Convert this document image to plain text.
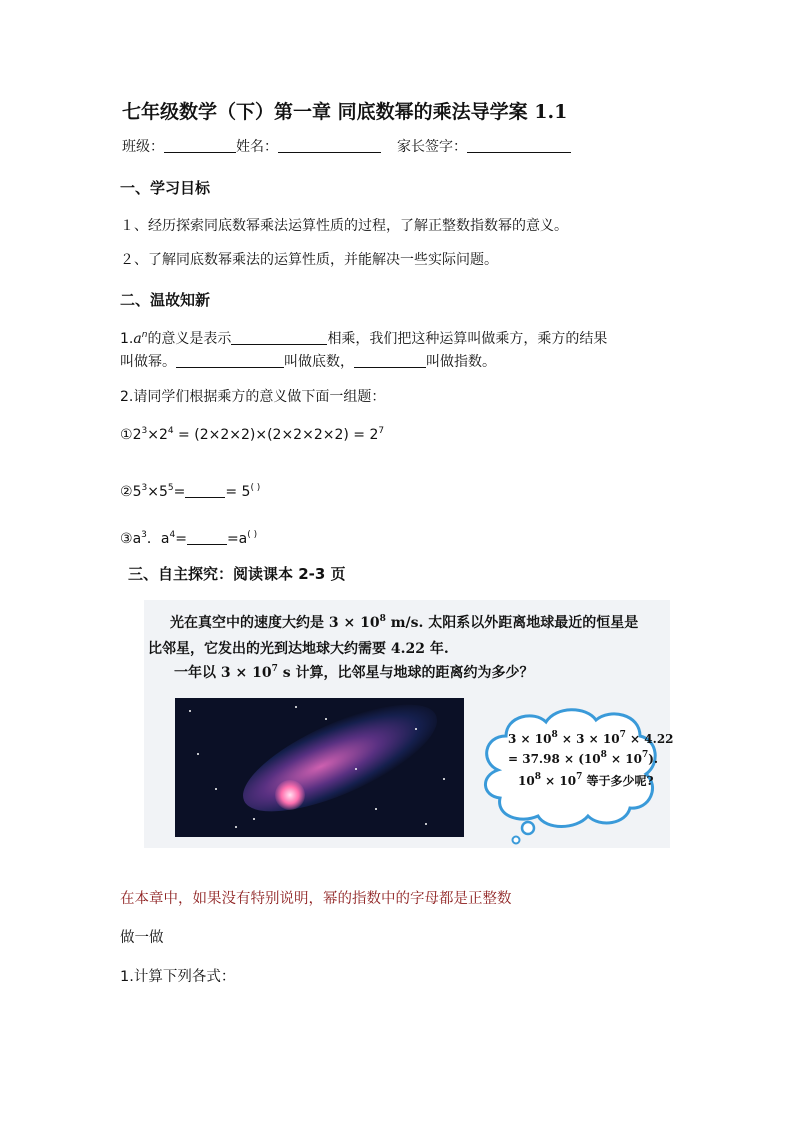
七年级数学（下）第一章 同底数幂的乘法导学案 1.1
班级：	姓名：	家长签字：
一、学习目标
１、经历探索同底数幂乘法运算性质的过程，了解正整数指数幂的意义。
２、了解同底数幂乘法的运算性质，并能解决一些实际问题。
二、温故知新
$1.a^n$的意义是表示	相乘，我们把这种运算叫做乘方，乘方的结果
叫做幂。	叫做底数，	叫做指数。
2.请同学们根据乘方的意义做下面一组题：
$①2^3\times 2^4 = (2\times 2\times 2)\times(2\times 2\times 2\times 2) = 2^7$
$②5^3\times 5^5=$	= 5( )
$③a^3$．$a^4=$	=a( )
三、自主探究：阅读课本 2-3 页
光在真空中的速度大约是 $3 \times 10^8$ m/s. 太阳系以外距离地球最近的恒星是
比邻星，它发出的光到达地球大约需要 4.22 年.
一年以 $3 \times 10^7$ s 计算，比邻星与地球的距离约为多少？
$3 \times 10^8 \times 3 \times 10^7 \times 4.22$
= $37.98 \times (10^8 \times 10^7)$.
$10^8 \times 10^7$ 等于多少呢?
在本章中，如果没有特别说明，幂的指数中的字母都是正整数
做一做
1.计算下列各式：
